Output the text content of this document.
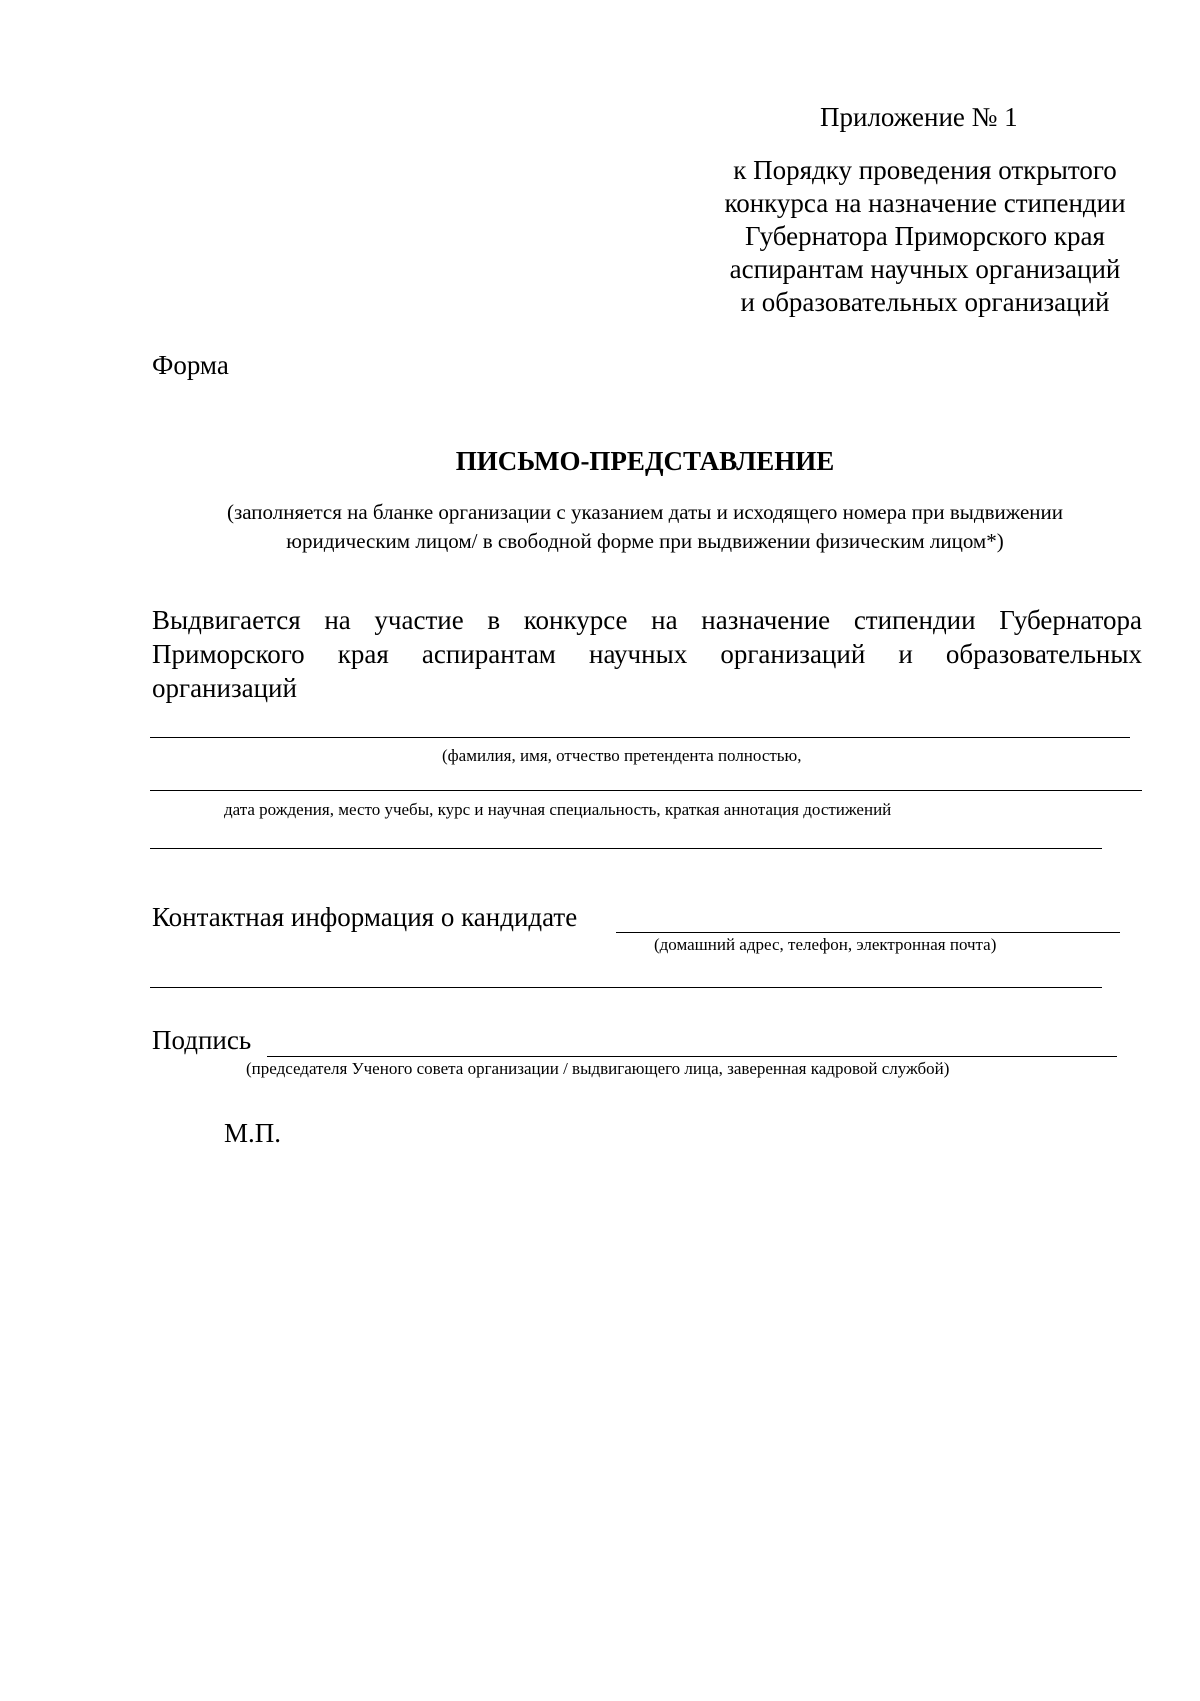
Приложение № 1
к Порядку проведения открытого
конкурса на назначение стипендии
Губернатора Приморского края
аспирантам научных организаций
и образовательных организаций
Форма
ПИСЬМО-ПРЕДСТАВЛЕНИЕ
(заполняется на бланке организации с указанием даты и исходящего номера при выдвижении
юридическим лицом/ в свободной форме при выдвижении физическим лицом*)
Выдвигается на участие в конкурсе на назначение стипендии Губернатора
Приморского края аспирантам научных организаций и образовательных
организаций
(фамилия, имя, отчество претендента полностью,
дата рождения, место учебы, курс и научная специальность, краткая аннотация достижений
Контактная информация о кандидате
(домашний адрес, телефон, электронная почта)
Подпись
(председателя Ученого совета организации / выдвигающего лица, заверенная кадровой службой)
М.П.
